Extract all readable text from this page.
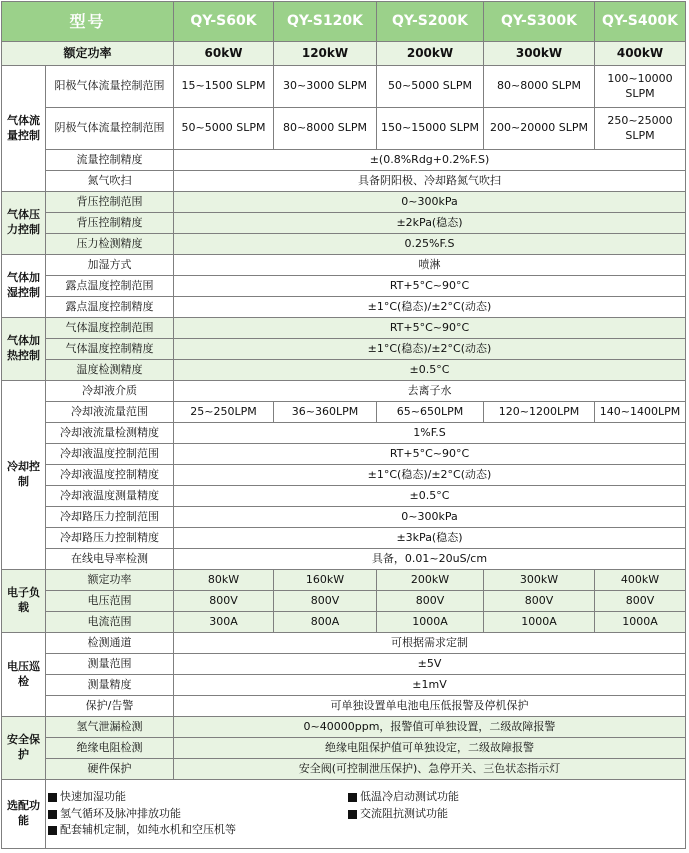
型号		QY-S60K	QY-S120K	QY-S200K	QY-S300K	QY-S400K
额定功率		60kW	120kW	200kW	300kW	400kW
气体流量控制	阳极气体流量控制范围	15~1500 SLPM	30~3000 SLPM	50~5000 SLPM	80~8000 SLPM	100~10000 SLPM
	阴极气体流量控制范围	50~5000 SLPM	80~8000 SLPM	150~15000 SLPM	200~20000 SLPM	250~25000 SLPM
	流量控制精度	±(0.8%Rdg+0.2%F.S)				
	氮气吹扫	具备阴阳极、冷却路氮气吹扫				
气体压力控制	背压控制范围	0~300kPa				
	背压控制精度	±2kPa(稳态)				
	压力检测精度	0.25%F.S				
气体加湿控制	加湿方式	喷淋				
	露点温度控制范围	RT+5°C~90°C				
	露点温度控制精度	±1°C(稳态)/±2°C(动态)				
气体加热控制	气体温度控制范围	RT+5°C~90°C				
	气体温度控制精度	±1°C(稳态)/±2°C(动态)				
	温度检测精度	±0.5°C				
冷却控制	冷却液介质	去离子水				
	冷却液流量范围	25~250LPM	36~360LPM	65~650LPM	120~1200LPM	140~1400LPM
	冷却液流量检测精度	1%F.S				
	冷却液温度控制范围	RT+5°C~90°C				
	冷却液温度控制精度	±1°C(稳态)/±2°C(动态)				
	冷却液温度测量精度	±0.5°C				
	冷却路压力控制范围	0~300kPa				
	冷却路压力控制精度	±3kPa(稳态)				
	在线电导率检测	具备，0.01~20uS/cm				
电子负载	额定功率	80kW	160kW	200kW	300kW	400kW
	电压范围	800V	800V	800V	800V	800V
	电流范围	300A	800A	1000A	1000A	1000A
电压巡检	检测通道	可根据需求定制				
	测量范围	±5V				
	测量精度	±1mV				
	保护/告警	可单独设置单电池电压低报警及停机保护				
安全保护	氢气泄漏检测	0~40000ppm，报警值可单独设置，二级故障报警				
	绝缘电阻检测	绝缘电阻保护值可单独设定，二级故障报警				
	硬件保护	安全阀(可控制泄压保护)、急停开关、三色状态指示灯				
选配功能	快速加湿功能 低温冷启动测试功能
氢气循环及脉冲排放功能 交流阻抗测试功能
配套辅机定制，如纯水机和空压机等					
